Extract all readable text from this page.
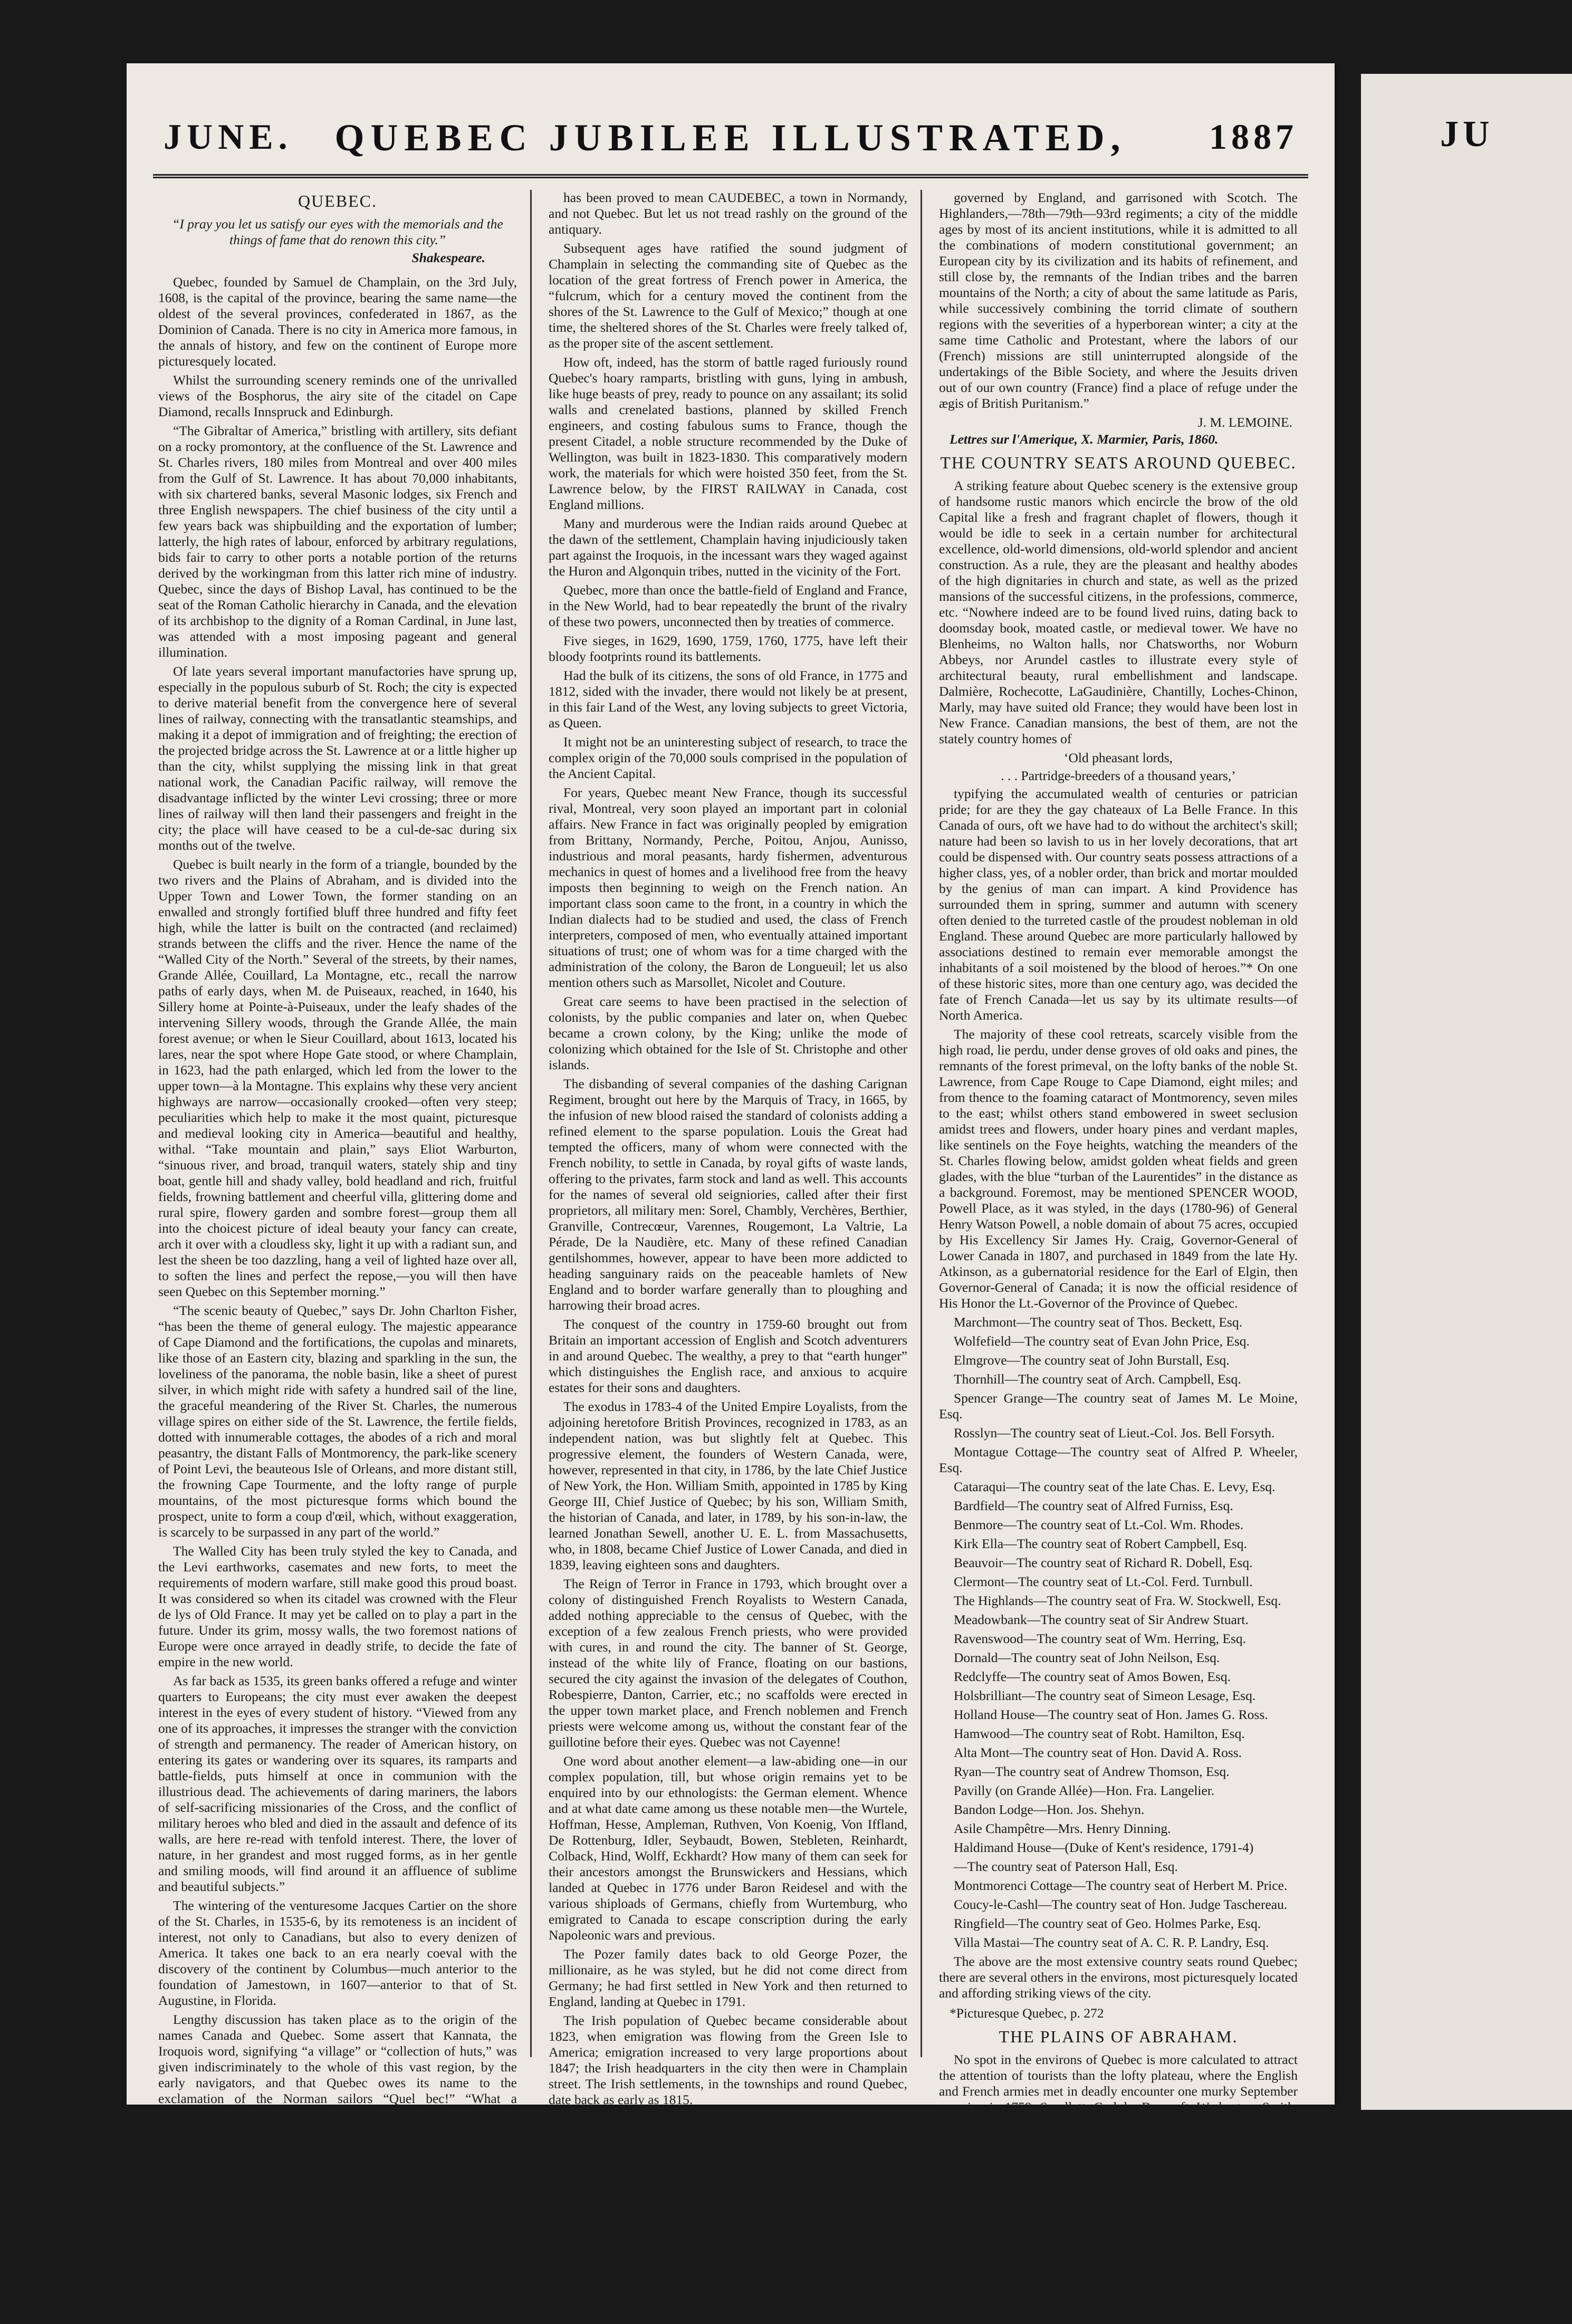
JUNE.	QUEBEC JUBILEE ILLUSTRATED,	1887
QUEBEC.
“I pray you let us satisfy our eyes with the memorials and the things of fame that do renown this city.”
Shakespeare.

Quebec, founded by Samuel de Champlain, on the 3rd July, 1608, is the capital of the province, bearing the same name—the oldest of the several provinces, confederated in 1867, as the Dominion of Canada. There is no city in America more famous, in the annals of history, and few on the continent of Europe more picturesquely located.

Whilst the surrounding scenery reminds one of the unrivalled views of the Bosphorus, the airy site of the citadel on Cape Diamond, recalls Innspruck and Edinburgh.

“The Gibraltar of America,” bristling with artillery, sits defiant on a rocky promontory, at the confluence of the St. Lawrence and St. Charles rivers, 180 miles from Montreal and over 400 miles from the Gulf of St. Lawrence. It has about 70,000 inhabitants, with six chartered banks, several Masonic lodges, six French and three English newspapers. The chief business of the city until a few years back was shipbuilding and the exportation of lumber; latterly, the high rates of labour, enforced by arbitrary regulations, bids fair to carry to other ports a notable portion of the returns derived by the workingman from this latter rich mine of industry. Quebec, since the days of Bishop Laval, has continued to be the seat of the Roman Catholic hierarchy in Canada, and the elevation of its archbishop to the dignity of a Roman Cardinal, in June last, was attended with a most imposing pageant and general illumination.

Of late years several important manufactories have sprung up, especially in the populous suburb of St. Roch; the city is expected to derive material benefit from the convergence here of several lines of railway, connecting with the transatlantic steamships, and making it a depot of immigration and of freighting; the erection of the projected bridge across the St. Lawrence at or a little higher up than the city, whilst supplying the missing link in that great national work, the Canadian Pacific railway, will remove the disadvantage inflicted by the winter Levi crossing; three or more lines of railway will then land their passengers and freight in the city; the place will have ceased to be a cul-de-sac during six months out of the twelve.

Quebec is built nearly in the form of a triangle, bounded by the two rivers and the Plains of Abraham, and is divided into the Upper Town and Lower Town, the former standing on an enwalled and strongly fortified bluff three hundred and fifty feet high, while the latter is built on the contracted (and reclaimed) strands between the cliffs and the river. Hence the name of the “Walled City of the North.” Several of the streets, by their names, Grande Allée, Couillard, La Montagne, etc., recall the narrow paths of early days, when M. de Puiseaux, reached, in 1640, his Sillery home at Pointe-à-Puiseaux, under the leafy shades of the intervening Sillery woods, through the Grande Allée, the main forest avenue; or when le Sieur Couillard, about 1613, located his lares, near the spot where Hope Gate stood, or where Champlain, in 1623, had the path enlarged, which led from the lower to the upper town—à la Montagne. This explains why these very ancient highways are narrow—occasionally crooked—often very steep; peculiarities which help to make it the most quaint, picturesque and medieval looking city in America—beautiful and healthy, withal. “Take mountain and plain,” says Eliot Warburton, “sinuous river, and broad, tranquil waters, stately ship and tiny boat, gentle hill and shady valley, bold headland and rich, fruitful fields, frowning battlement and cheerful villa, glittering dome and rural spire, flowery garden and sombre forest—group them all into the choicest picture of ideal beauty your fancy can create, arch it over with a cloudless sky, light it up with a radiant sun, and lest the sheen be too dazzling, hang a veil of lighted haze over all, to soften the lines and perfect the repose,—you will then have seen Quebec on this September morning.”

“The scenic beauty of Quebec,” says Dr. John Charlton Fisher, “has been the theme of general eulogy. The majestic appearance of Cape Diamond and the fortifications, the cupolas and minarets, like those of an Eastern city, blazing and sparkling in the sun, the loveliness of the panorama, the noble basin, like a sheet of purest silver, in which might ride with safety a hundred sail of the line, the graceful meandering of the River St. Charles, the numerous village spires on either side of the St. Lawrence, the fertile fields, dotted with innumerable cottages, the abodes of a rich and moral peasantry, the distant Falls of Montmorency, the park-like scenery of Point Levi, the beauteous Isle of Orleans, and more distant still, the frowning Cape Tourmente, and the lofty range of purple mountains, of the most picturesque forms which bound the prospect, unite to form a coup d'œil, which, without exaggeration, is scarcely to be surpassed in any part of the world.”

The Walled City has been truly styled the key to Canada, and the Levi earthworks, casemates and new forts, to meet the requirements of modern warfare, still make good this proud boast. It was considered so when its citadel was crowned with the Fleur de lys of Old France. It may yet be called on to play a part in the future. Under its grim, mossy walls, the two foremost nations of Europe were once arrayed in deadly strife, to decide the fate of empire in the new world.

As far back as 1535, its green banks offered a refuge and winter quarters to Europeans; the city must ever awaken the deepest interest in the eyes of every student of history. “Viewed from any one of its approaches, it impresses the stranger with the conviction of strength and permanency. The reader of American history, on entering its gates or wandering over its squares, its ramparts and battle-fields, puts himself at once in communion with the illustrious dead. The achievements of daring mariners, the labors of self-sacrificing missionaries of the Cross, and the conflict of military heroes who bled and died in the assault and defence of its walls, are here re-read with tenfold interest. There, the lover of nature, in her grandest and most rugged forms, as in her gentle and smiling moods, will find around it an affluence of sublime and beautiful subjects.”

The wintering of the venturesome Jacques Cartier on the shore of the St. Charles, in 1535-6, by its remoteness is an incident of interest, not only to Canadians, but also to every denizen of America. It takes one back to an era nearly coeval with the discovery of the continent by Columbus—much anterior to the foundation of Jamestown, in 1607—anterior to that of St. Augustine, in Florida.

Lengthy discussion has taken place as to the origin of the names Canada and Quebec. Some assert that Kannata, the Iroquois word, signifying “a village” or “collection of huts,” was given indiscriminately to the whole of this vast region, by the early navigators, and that Quebec owes its name to the exclamation of the Norman sailors “Quel bec!” “What a promontory!” whilst others with good reason think it was derived from a word in the Algonquin language signifying “a straight.”

A fanciful derivation is that attributed to the Spanish word a-ca-nada, NOTHING HERE, uttered by some Spanish sailors on viewing the sterile aspect of some headland. The Suffolk seal inscription, pictured by Hawkins,

has been proved to mean CAUDEBEC, a town in Normandy, and not Quebec. But let us not tread rashly on the ground of the antiquary.

Subsequent ages have ratified the sound judgment of Champlain in selecting the commanding site of Quebec as the location of the great fortress of French power in America, the “fulcrum, which for a century moved the continent from the shores of the St. Lawrence to the Gulf of Mexico;” though at one time, the sheltered shores of the St. Charles were freely talked of, as the proper site of the ascent settlement.

How oft, indeed, has the storm of battle raged furiously round Quebec's hoary ramparts, bristling with guns, lying in ambush, like huge beasts of prey, ready to pounce on any assailant; its solid walls and crenelated bastions, planned by skilled French engineers, and costing fabulous sums to France, though the present Citadel, a noble structure recommended by the Duke of Wellington, was built in 1823-1830. This comparatively modern work, the materials for which were hoisted 350 feet, from the St. Lawrence below, by the FIRST RAILWAY in Canada, cost England millions.

Many and murderous were the Indian raids around Quebec at the dawn of the settlement, Champlain having injudiciously taken part against the Iroquois, in the incessant wars they waged against the Huron and Algonquin tribes, nutted in the vicinity of the Fort.

Quebec, more than once the battle-field of England and France, in the New World, had to bear repeatedly the brunt of the rivalry of these two powers, unconnected then by treaties of commerce.

Five sieges, in 1629, 1690, 1759, 1760, 1775, have left their bloody footprints round its battlements.

Had the bulk of its citizens, the sons of old France, in 1775 and 1812, sided with the invader, there would not likely be at present, in this fair Land of the West, any loving subjects to greet Victoria, as Queen.

It might not be an uninteresting subject of research, to trace the complex origin of the 70,000 souls comprised in the population of the Ancient Capital.

For years, Quebec meant New France, though its successful rival, Montreal, very soon played an important part in colonial affairs. New France in fact was originally peopled by emigration from Brittany, Normandy, Perche, Poitou, Anjou, Aunisso, industrious and moral peasants, hardy fishermen, adventurous mechanics in quest of homes and a livelihood free from the heavy imposts then beginning to weigh on the French nation. An important class soon came to the front, in a country in which the Indian dialects had to be studied and used, the class of French interpreters, composed of men, who eventually attained important situations of trust; one of whom was for a time charged with the administration of the colony, the Baron de Longueuil; let us also mention others such as Marsollet, Nicolet and Couture.

Great care seems to have been practised in the selection of colonists, by the public companies and later on, when Quebec became a crown colony, by the King; unlike the mode of colonizing which obtained for the Isle of St. Christophe and other islands.

The disbanding of several companies of the dashing Carignan Regiment, brought out here by the Marquis of Tracy, in 1665, by the infusion of new blood raised the standard of colonists adding a refined element to the sparse population. Louis the Great had tempted the officers, many of whom were connected with the French nobility, to settle in Canada, by royal gifts of waste lands, offering to the privates, farm stock and land as well. This accounts for the names of several old seigniories, called after their first proprietors, all military men: Sorel, Chambly, Verchères, Berthier, Granville, Contrecœur, Varennes, Rougemont, La Valtrie, La Pérade, De la Naudière, etc. Many of these refined Canadian gentilshommes, however, appear to have been more addicted to heading sanguinary raids on the peaceable hamlets of New England and to border warfare generally than to ploughing and harrowing their broad acres.

The conquest of the country in 1759-60 brought out from Britain an important accession of English and Scotch adventurers in and around Quebec. The wealthy, a prey to that “earth hunger” which distinguishes the English race, and anxious to acquire estates for their sons and daughters.

The exodus in 1783-4 of the United Empire Loyalists, from the adjoining heretofore British Provinces, recognized in 1783, as an independent nation, was but slightly felt at Quebec. This progressive element, the founders of Western Canada, were, however, represented in that city, in 1786, by the late Chief Justice of New York, the Hon. William Smith, appointed in 1785 by King George III, Chief Justice of Quebec; by his son, William Smith, the historian of Canada, and later, in 1789, by his son-in-law, the learned Jonathan Sewell, another U. E. L. from Massachusetts, who, in 1808, became Chief Justice of Lower Canada, and died in 1839, leaving eighteen sons and daughters.

The Reign of Terror in France in 1793, which brought over a colony of distinguished French Royalists to Western Canada, added nothing appreciable to the census of Quebec, with the exception of a few zealous French priests, who were provided with cures, in and round the city. The banner of St. George, instead of the white lily of France, floating on our bastions, secured the city against the invasion of the delegates of Couthon, Robespierre, Danton, Carrier, etc.; no scaffolds were erected in the upper town market place, and French noblemen and French priests were welcome among us, without the constant fear of the guillotine before their eyes. Quebec was not Cayenne!

One word about another element—a law-abiding one—in our complex population, till, but whose origin remains yet to be enquired into by our ethnologists: the German element. Whence and at what date came among us these notable men—the Wurtele, Hoffman, Hesse, Ampleman, Ruthven, Von Koenig, Von Iffland, De Rottenburg, Idler, Seybaudt, Bowen, Stebleten, Reinhardt, Colback, Hind, Wolff, Eckhardt? How many of them can seek for their ancestors amongst the Brunswickers and Hessians, which landed at Quebec in 1776 under Baron Reidesel and with the various shiploads of Germans, chiefly from Wurtemburg, who emigrated to Canada to escape conscription during the early Napoleonic wars and previous.

The Pozer family dates back to old George Pozer, the millionaire, as he was styled, but he did not come direct from Germany; he had first settled in New York and then returned to England, landing at Quebec in 1791.

The Irish population of Quebec became considerable about 1823, when emigration was flowing from the Green Isle to America; emigration increased to very large proportions about 1847; the Irish headquarters in the city then were in Champlain street. The Irish settlements, in the townships and round Quebec, date back as early as 1815.

They grew in importance and numbers, under the wise guidance of a venerated priest, the Revd. Father McMahon, living in amity with their English neighbors; they founded a national society in 1835.

The great bulk of the population of the city still French, is not by any means oblivious of the fatherland, beyond the seas.

“Few cities, says M. Marmier, “offer as many striking contrasts as Quebec, a fortress and a commercial city together, built upon the summit of a rock as the nest of an eagle, while her vessels are everywhere wrinkling the face of the ocean; an American city inhabited by French colonists,

governed by England, and garrisoned with Scotch. The Highlanders,—78th—79th—93rd regiments; a city of the middle ages by most of its ancient institutions, while it is admitted to all the combinations of modern constitutional government; an European city by its civilization and its habits of refinement, and still close by, the remnants of the Indian tribes and the barren mountains of the North; a city of about the same latitude as Paris, while successively combining the torrid climate of southern regions with the severities of a hyperborean winter; a city at the same time Catholic and Protestant, where the labors of our (French) missions are still uninterrupted alongside of the undertakings of the Bible Society, and where the Jesuits driven out of our own country (France) find a place of refuge under the ægis of British Puritanism.”

J. M. LEMOINE.
Lettres sur l'Amerique, X. Marmier, Paris, 1860.
THE COUNTRY SEATS AROUND QUEBEC.

A striking feature about Quebec scenery is the extensive group of handsome rustic manors which encircle the brow of the old Capital like a fresh and fragrant chaplet of flowers, though it would be idle to seek in a certain number for architectural excellence, old-world dimensions, old-world splendor and ancient construction. As a rule, they are the pleasant and healthy abodes of the high dignitaries in church and state, as well as the prized mansions of the successful citizens, in the professions, commerce, etc. “Nowhere indeed are to be found lived ruins, dating back to doomsday book, moated castle, or medieval tower. We have no Blenheims, no Walton halls, nor Chatsworths, nor Woburn Abbeys, nor Arundel castles to illustrate every style of architectural beauty, rural embellishment and landscape. Dalmière, Rochecotte, LaGaudinière, Chantilly, Loches-Chinon, Marly, may have suited old France; they would have been lost in New France. Canadian mansions, the best of them, are not the stately country homes of

‘Old pheasant lords,
. . . Partridge-breeders of a thousand years,’

typifying the accumulated wealth of centuries or patrician pride; for are they the gay chateaux of La Belle France. In this Canada of ours, oft we have had to do without the architect's skill; nature had been so lavish to us in her lovely decorations, that art could be dispensed with. Our country seats possess attractions of a higher class, yes, of a nobler order, than brick and mortar moulded by the genius of man can impart. A kind Providence has surrounded them in spring, summer and autumn with scenery often denied to the turreted castle of the proudest nobleman in old England. These around Quebec are more particularly hallowed by associations destined to remain ever memorable amongst the inhabitants of a soil moistened by the blood of heroes.”* On one of these historic sites, more than one century ago, was decided the fate of French Canada—let us say by its ultimate results—of North America.

The majority of these cool retreats, scarcely visible from the high road, lie perdu, under dense groves of old oaks and pines, the remnants of the forest primeval, on the lofty banks of the noble St. Lawrence, from Cape Rouge to Cape Diamond, eight miles; and from thence to the foaming cataract of Montmorency, seven miles to the east; whilst others stand embowered in sweet seclusion amidst trees and flowers, under hoary pines and verdant maples, like sentinels on the Foye heights, watching the meanders of the St. Charles flowing below, amidst golden wheat fields and green glades, with the blue “turban of the Laurentides” in the distance as a background. Foremost, may be mentioned SPENCER WOOD, Powell Place, as it was styled, in the days (1780-96) of General Henry Watson Powell, a noble domain of about 75 acres, occupied by His Excellency Sir James Hy. Craig, Governor-General of Lower Canada in 1807, and purchased in 1849 from the late Hy. Atkinson, as a gubernatorial residence for the Earl of Elgin, then Governor-General of Canada; it is now the official residence of His Honor the Lt.-Governor of the Province of Quebec.

Marchmont—The country seat of Thos. Beckett, Esq.

Wolfefield—The country seat of Evan John Price, Esq.

Elmgrove—The country seat of John Burstall, Esq.

Thornhill—The country seat of Arch. Campbell, Esq.

Spencer Grange—The country seat of James M. Le Moine, Esq.

Rosslyn—The country seat of Lieut.-Col. Jos. Bell Forsyth.

Montague Cottage—The country seat of Alfred P. Wheeler, Esq.

Cataraqui—The country seat of the late Chas. E. Levy, Esq.

Bardfield—The country seat of Alfred Furniss, Esq.

Benmore—The country seat of Lt.-Col. Wm. Rhodes.

Kirk Ella—The country seat of Robert Campbell, Esq.

Beauvoir—The country seat of Richard R. Dobell, Esq.

Clermont—The country seat of Lt.-Col. Ferd. Turnbull.

The Highlands—The country seat of Fra. W. Stockwell, Esq.

Meadowbank—The country seat of Sir Andrew Stuart.

Ravenswood—The country seat of Wm. Herring, Esq.

Dornald—The country seat of John Neilson, Esq.

Redclyffe—The country seat of Amos Bowen, Esq.

Holsbrilliant—The country seat of Simeon Lesage, Esq.

Holland House—The country seat of Hon. James G. Ross.

Hamwood—The country seat of Robt. Hamilton, Esq.

Alta Mont—The country seat of Hon. David A. Ross.

Ryan—The country seat of Andrew Thomson, Esq.

Pavilly (on Grande Allée)—Hon. Fra. Langelier.

Bandon Lodge—Hon. Jos. Shehyn.

Asile Champêtre—Mrs. Henry Dinning.

Haldimand House—(Duke of Kent's residence, 1791-4)

—The country seat of Paterson Hall, Esq.

Montmorenci Cottage—The country seat of Herbert M. Price.

Coucy-le-Cashl—The country seat of Hon. Judge Taschereau.

Ringfield—The country seat of Geo. Holmes Parke, Esq.

Villa Mastai—The country seat of A. C. R. P. Landry, Esq.

The above are the most extensive country seats round Quebec; there are several others in the environs, most picturesquely located and affording striking views of the city.

*Picturesque Quebec, p. 272
THE PLAINS OF ABRAHAM.

No spot in the environs of Quebec is more calculated to attract the attention of tourists than the lofty plateau, where the English and French armies met in deadly encounter one murky September morning in 1759. Smollett, Carlyle, Bancroft, Warburton, Smith, Hawkins, Garneau, Ferland, Beatson, Miles and other historians have vied with one another to furnish graphic accounts of this famous battle; these plains, covering about 32 acres, were so called after an old Scotchman, Abraham Martin, described in old titles as Maitre Abraham Martin dit l'Ecossais, pilot on the St. Lawrence to the French King.

The area is bounded to the south by the summit of the cape overlooking the St. Lawrence; to the west, by the Sillery woods; to the north, by the St. Louis road; and to the east, by a loftier plateau, extending to the foot of the present citadel: formerly, the plains are supposed to have comprised to the north the whole of the intervening expanse as far as the Ste. Foye road, and even beyond.

JU
